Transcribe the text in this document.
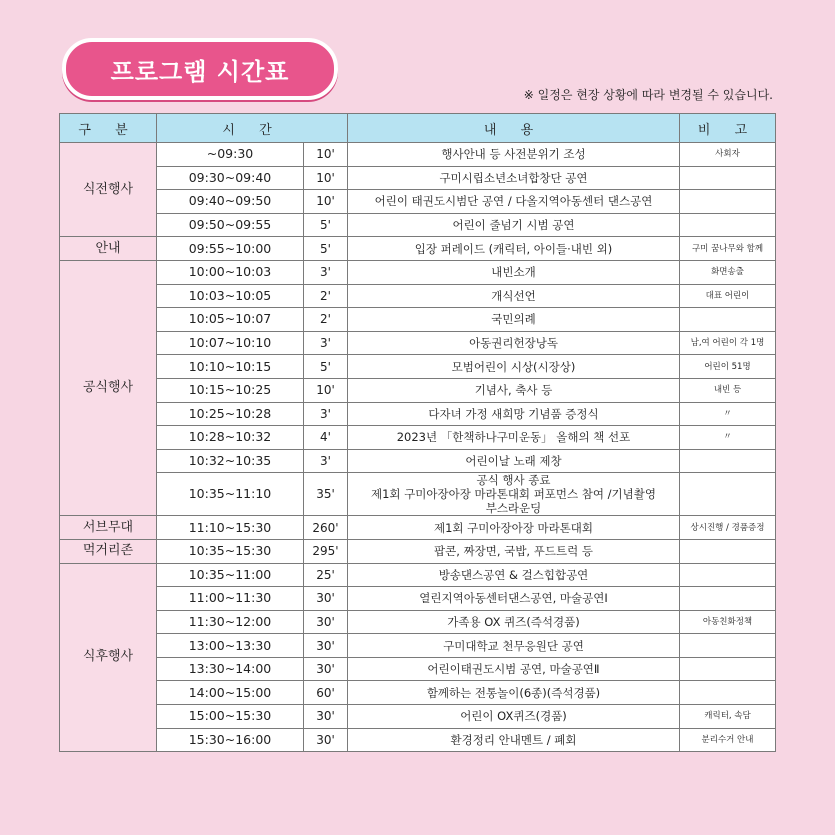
프로그램 시간표
※ 일정은 현장 상황에 따라 변경될 수 있습니다.
구 분	시 간		내 용	비 고
식전행사	~09:30	10'	행사안내 등 사전분위기 조성	사회자
	09:30~09:40	10'	구미시립소년소녀합창단 공연	
	09:40~09:50	10'	어린이 태권도시범단 공연 / 다올지역아동센터 댄스공연	
	09:50~09:55	5'	어린이 줄넘기 시범 공연	
안내	09:55~10:00	5'	입장 퍼레이드 (캐릭터, 아이들·내빈 외)	구미 꿈나무와 함께
공식행사	10:00~10:03	3'	내빈소개	화면송출
	10:03~10:05	2'	개식선언	대표 어린이
	10:05~10:07	2'	국민의례	
	10:07~10:10	3'	아동권리헌장낭독	남,여 어린이 각 1명
	10:10~10:15	5'	모범어린이 시상(시장상)	어린이 51명
	10:15~10:25	10'	기념사, 축사 등	내빈 등
	10:25~10:28	3'	다자녀 가정 새희망 기념품 증정식	〃
	10:28~10:32	4'	2023년 「한책하나구미운동」 올해의 책 선포	〃
	10:32~10:35	3'	어린이날 노래 제창	
	10:35~11:10	35'	공식 행사 종료
제1회 구미아장아장 마라톤대회 퍼포먼스 참여 /기념촬영
부스라운딩	
서브무대	11:10~15:30	260'	제1회 구미아장아장 마라톤대회	상시진행 / 경품증정
먹거리존	10:35~15:30	295'	팝콘, 짜장면, 국밥, 푸드트럭 등	
식후행사	10:35~11:00	25'	방송댄스공연 & 걸스힙합공연	
	11:00~11:30	30'	열린지역아동센터댄스공연, 마술공연Ⅰ	
	11:30~12:00	30'	가족용 OX 퀴즈(즉석경품)	아동친화정책
	13:00~13:30	30'	구미대학교 천무응원단 공연	
	13:30~14:00	30'	어린이태권도시범 공연, 마술공연Ⅱ	
	14:00~15:00	60'	함께하는 전통놀이(6종)(즉석경품)	
	15:00~15:30	30'	어린이 OX퀴즈(경품)	캐릭터, 속담
	15:30~16:00	30'	환경정리 안내멘트 / 폐회	분리수거 안내
